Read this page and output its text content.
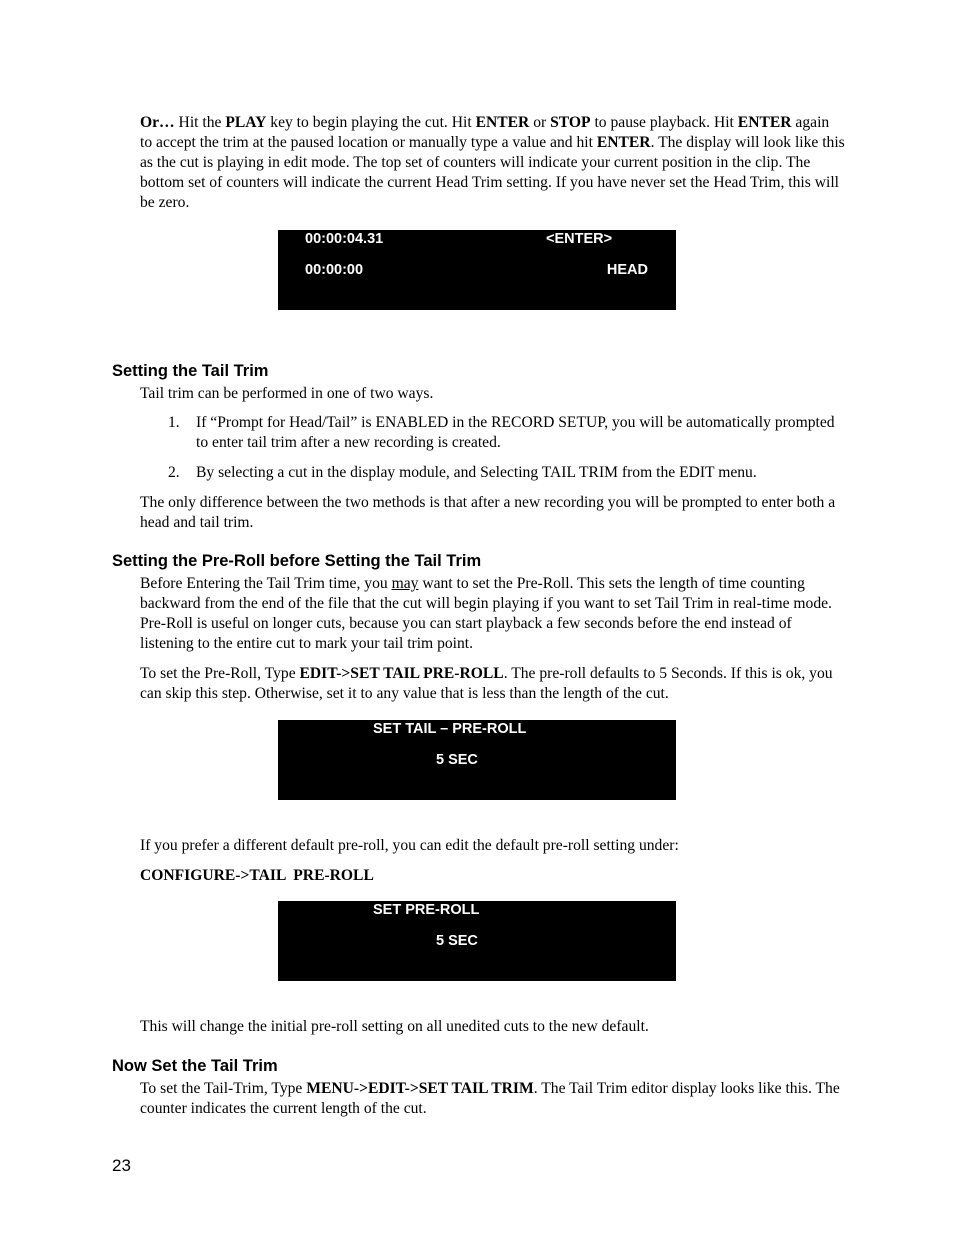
Or… Hit the PLAY key to begin playing the cut. Hit ENTER or STOP to pause playback. Hit ENTER again to accept the trim at the paused location or manually type a value and hit ENTER. The display will look like this as the cut is playing in edit mode. The top set of counters will indicate your current position in the clip. The bottom set of counters will indicate the current Head Trim setting. If you have never set the Head Trim, this will be zero.

00:00:04.31	<ENTER>
00:00:00	HEAD
Setting the Tail Trim

Tail trim can be performed in one of two ways.

1. If “Prompt for Head/Tail” is ENABLED in the RECORD SETUP, you will be automatically prompted to enter tail trim after a new recording is created.
2. By selecting a cut in the display module, and Selecting TAIL TRIM from the EDIT menu.

The only difference between the two methods is that after a new recording you will be prompted to enter both a head and tail trim.

Setting the Pre-Roll before Setting the Tail Trim

Before Entering the Tail Trim time, you may want to set the Pre-Roll. This sets the length of time counting backward from the end of the file that the cut will begin playing if you want to set Tail Trim in real-time mode. Pre-Roll is useful on longer cuts, because you can start playback a few seconds before the end instead of listening to the entire cut to mark your tail trim point.

To set the Pre-Roll, Type EDIT->SET TAIL PRE-ROLL. The pre-roll defaults to 5 Seconds. If this is ok, you can skip this step. Otherwise, set it to any value that is less than the length of the cut.

SET TAIL – PRE-ROLL
5 SEC

If you prefer a different default pre-roll, you can edit the default pre-roll setting under:

CONFIGURE->TAIL  PRE-ROLL

SET PRE-ROLL
5 SEC

This will change the initial pre-roll setting on all unedited cuts to the new default.

Now Set the Tail Trim

To set the Tail-Trim, Type MENU->EDIT->SET TAIL TRIM. The Tail Trim editor display looks like this. The counter indicates the current length of the cut.

23
